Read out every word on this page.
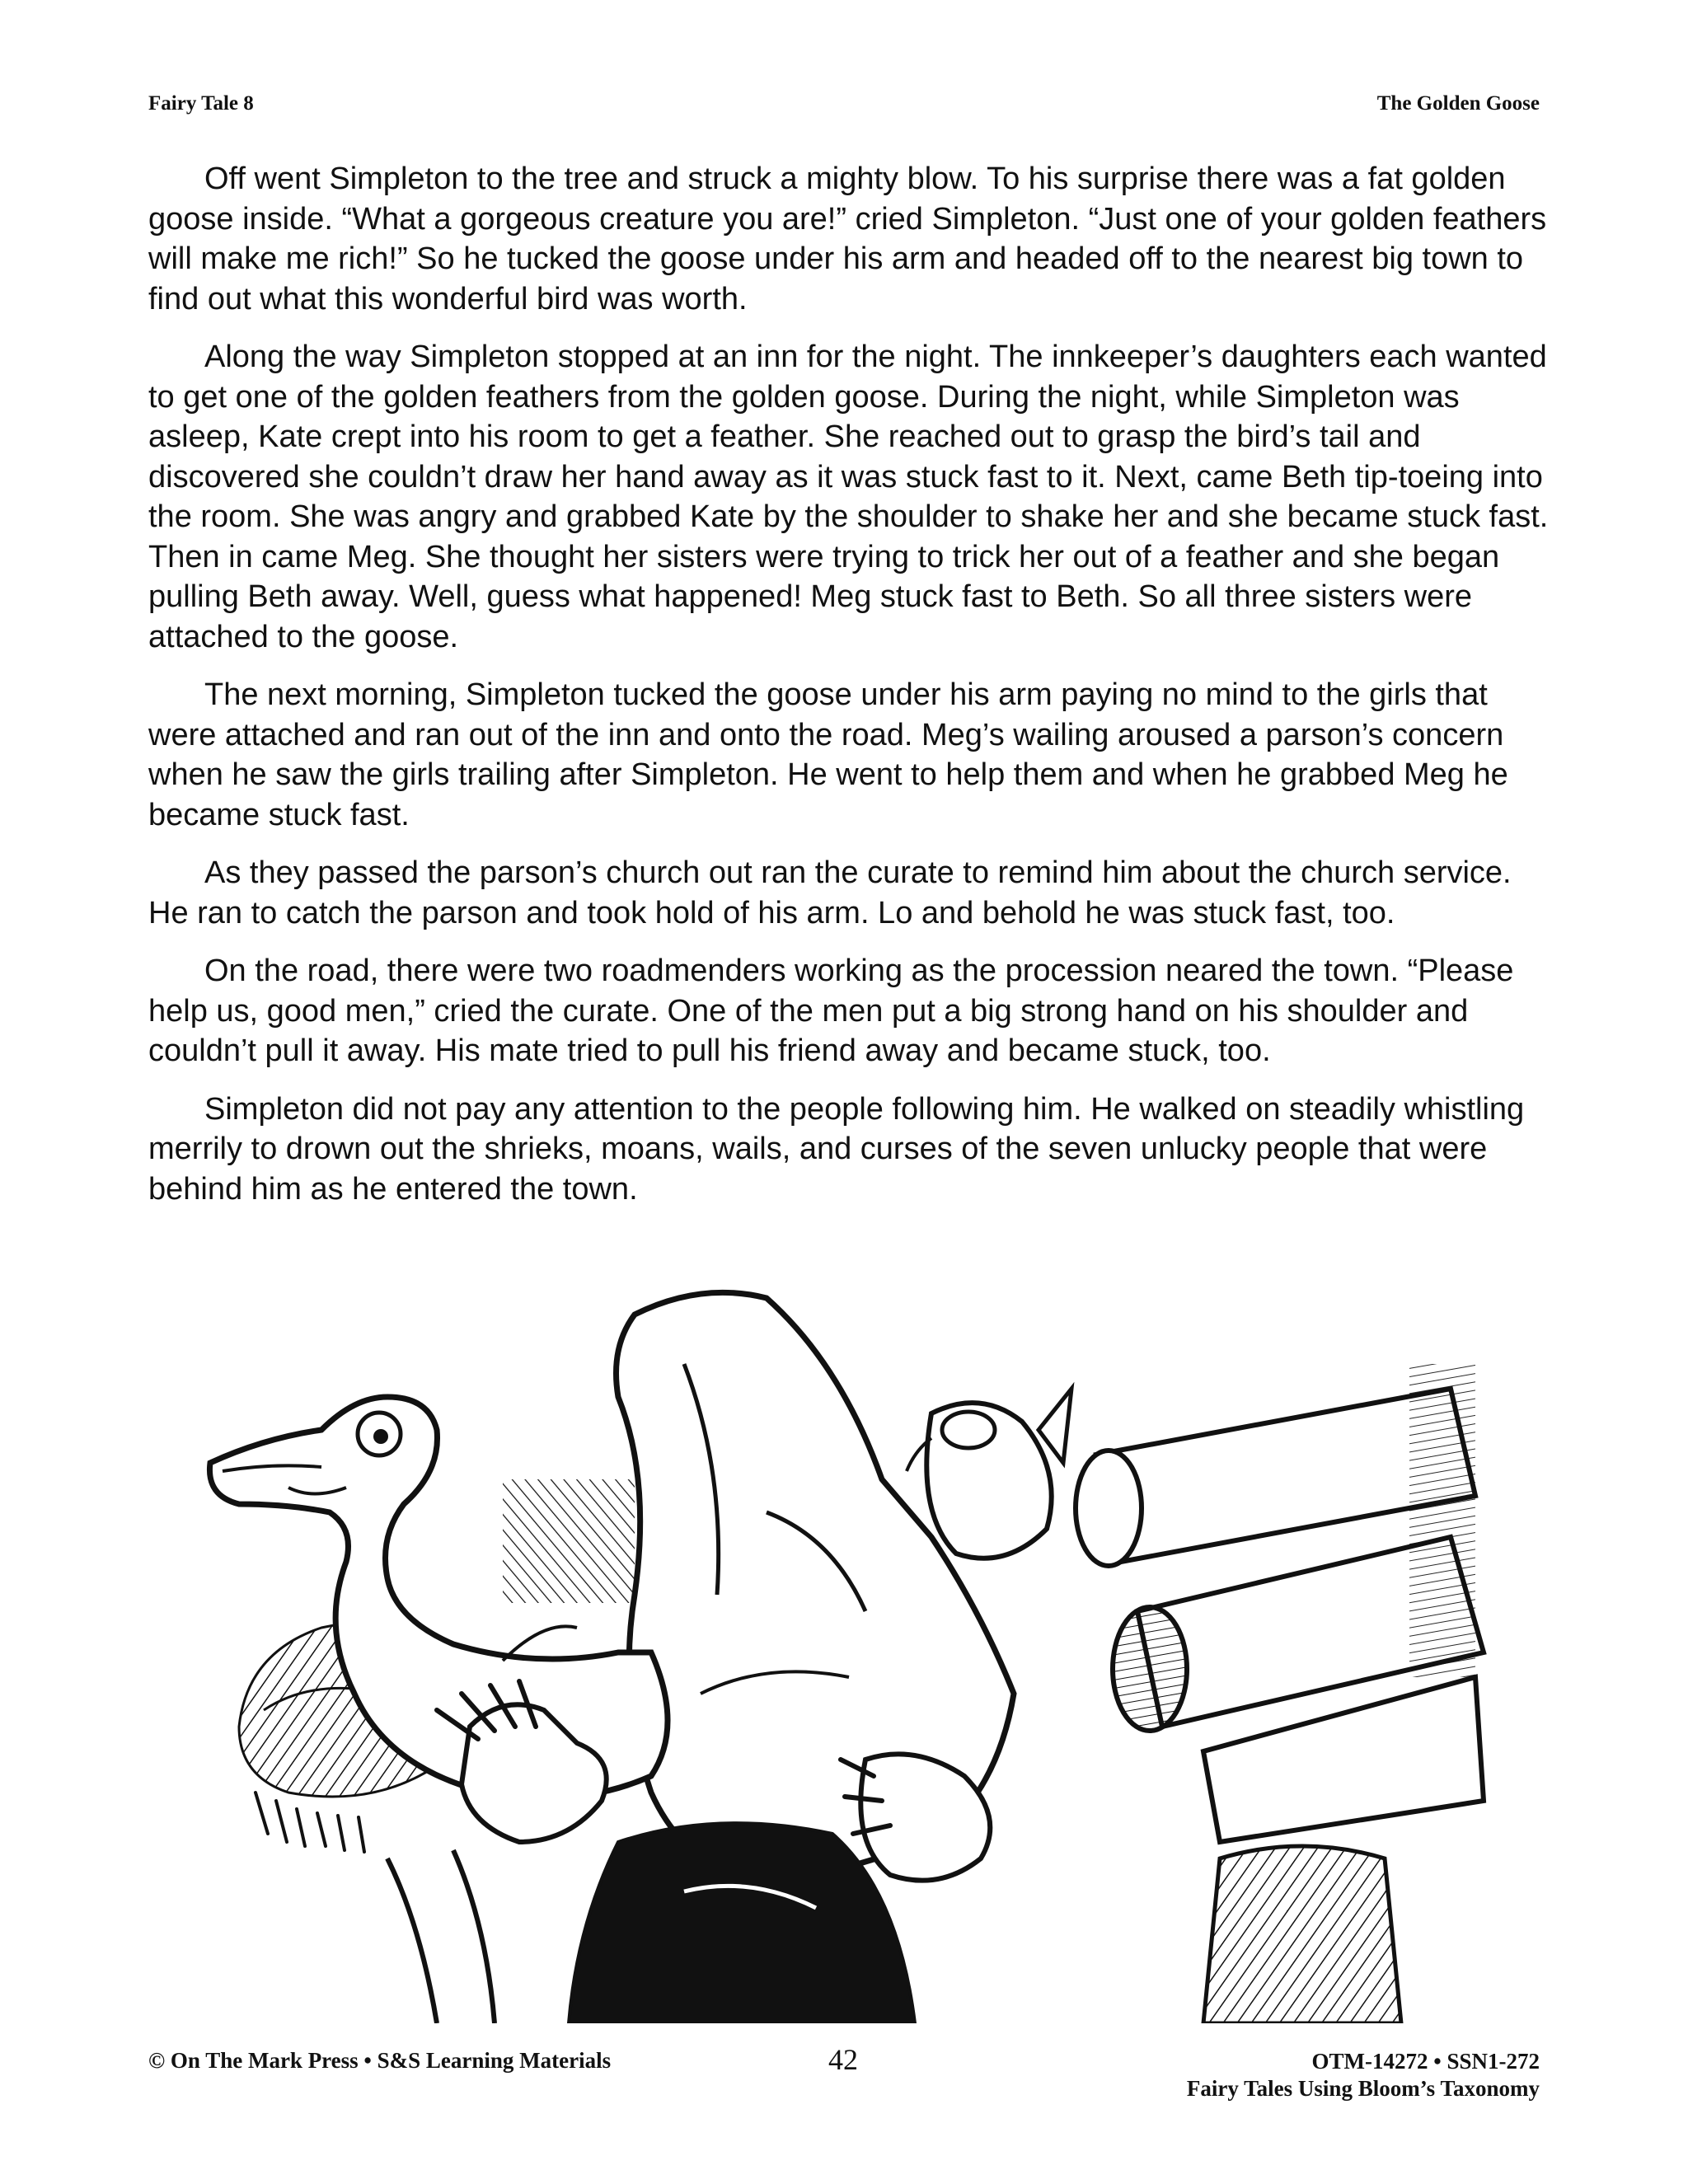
Fairy Tale 8	The Golden Goose

Off went Simpleton to the tree and struck a mighty blow. To his surprise there was a fat golden goose inside. “What a gorgeous creature you are!” cried Simpleton. “Just one of your golden feathers will make me rich!” So he tucked the goose under his arm and headed off to the nearest big town to find out what this wonderful bird was worth.

Along the way Simpleton stopped at an inn for the night. The innkeeper’s daughters each wanted to get one of the golden feathers from the golden goose. During the night, while Simpleton was asleep, Kate crept into his room to get a feather. She reached out to grasp the bird’s tail and discovered she couldn’t draw her hand away as it was stuck fast to it. Next, came Beth tip-toeing into the room. She was angry and grabbed Kate by the shoulder to shake her and she became stuck fast. Then in came Meg. She thought her sisters were trying to trick her out of a feather and she began pulling Beth away. Well, guess what happened! Meg stuck fast to Beth. So all three sisters were attached to the goose.

The next morning, Simpleton tucked the goose under his arm paying no mind to the girls that were attached and ran out of the inn and onto the road. Meg’s wailing aroused a parson’s concern when he saw the girls trailing after Simpleton. He went to help them and when he grabbed Meg he became stuck fast.

As they passed the parson’s church out ran the curate to remind him about the church service. He ran to catch the parson and took hold of his arm. Lo and behold he was stuck fast, too.

On the road, there were two roadmenders working as the procession neared the town. “Please help us, good men,” cried the curate. One of the men put a big strong hand on his shoulder and couldn’t pull it away. His mate tried to pull his friend away and became stuck, too.

Simpleton did not pay any attention to the people following him. He walked on steadily whistling merrily to drown out the shrieks, moans, wails, and curses of the seven unlucky people that were behind him as he entered the town.

© On The Mark Press • S&S Learning Materials	42	OTM-14272 • SSN1-272
Fairy Tales Using Bloom’s Taxonomy
